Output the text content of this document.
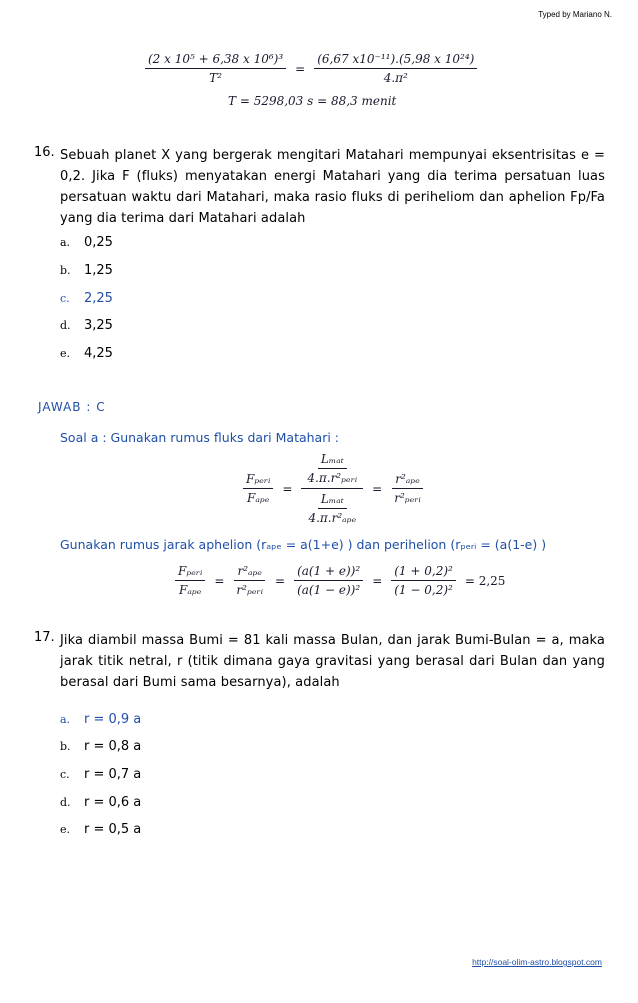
Typed by Mariano N.
$\frac{\text{(2 𝑥 10⁵ + 6,38 𝑥 10⁶)³}}{\text{𝑇²}} = \frac{\text{(6,67 𝑥10⁻¹¹).(5,98 𝑥 10²⁴)}}{\text{4.𝜋²}}$
𝑇 = 5298,03 𝑠 = 88,3 𝑚𝑒𝑛𝑖𝑡
16. Sebuah planet X yang bergerak mengitari Matahari mempunyai eksentrisitas e = 0,2. Jika F (fluks) menyatakan energi Matahari yang dia terima persatuan luas persatuan waktu dari Matahari, maka rasio fluks di periheliom dan aphelion Fp/Fa yang dia terima dari Matahari adalah
a. 0,25
b. 1,25
c. 2,25
d. 3,25
e. 4,25
JAWAB : C
Soal a : Gunakan rumus fluks dari Matahari :
$\frac{\text{𝐹ₚₑᵣᵢ}}{\text{𝐹ₐₚₑ}} = \frac{\frac{\text{𝐿ₘₐₜ}}{\text{4.𝜋.𝑟²ₚₑᵣᵢ}}}{\frac{\text{𝐿ₘₐₜ}}{\text{4.𝜋.𝑟²ₐₚₑ}}} = \frac{\text{𝑟²ₐₚₑ}}{\text{𝑟²ₚₑᵣᵢ}}$
Gunakan rumus jarak aphelion (rₐₚₑ = a(1+e) ) dan perihelion (rₚₑᵣᵢ = (a(1-e) )
$\frac{\text{𝐹ₚₑᵣᵢ}}{\text{𝐹ₐₚₑ}} = \frac{\text{𝑟²ₐₚₑ}}{\text{𝑟²ₚₑᵣᵢ}} = \frac{\text{(𝑎(1 + 𝑒))²}}{\text{(𝑎(1 − 𝑒))²}} = \frac{\text{(1 + 0,2)²}}{\text{(1 − 0,2)²}} = 2,25$
17. Jika diambil massa Bumi = 81 kali massa Bulan, dan jarak Bumi-Bulan = a, maka jarak titik netral, r (titik dimana gaya gravitasi yang berasal dari Bulan dan yang berasal dari Bumi sama besarnya), adalah
a. r = 0,9 a
b. r = 0,8 a
c. r = 0,7 a
d. r = 0,6 a
e. r = 0,5 a
http://soal-olim-astro.blogspot.com
